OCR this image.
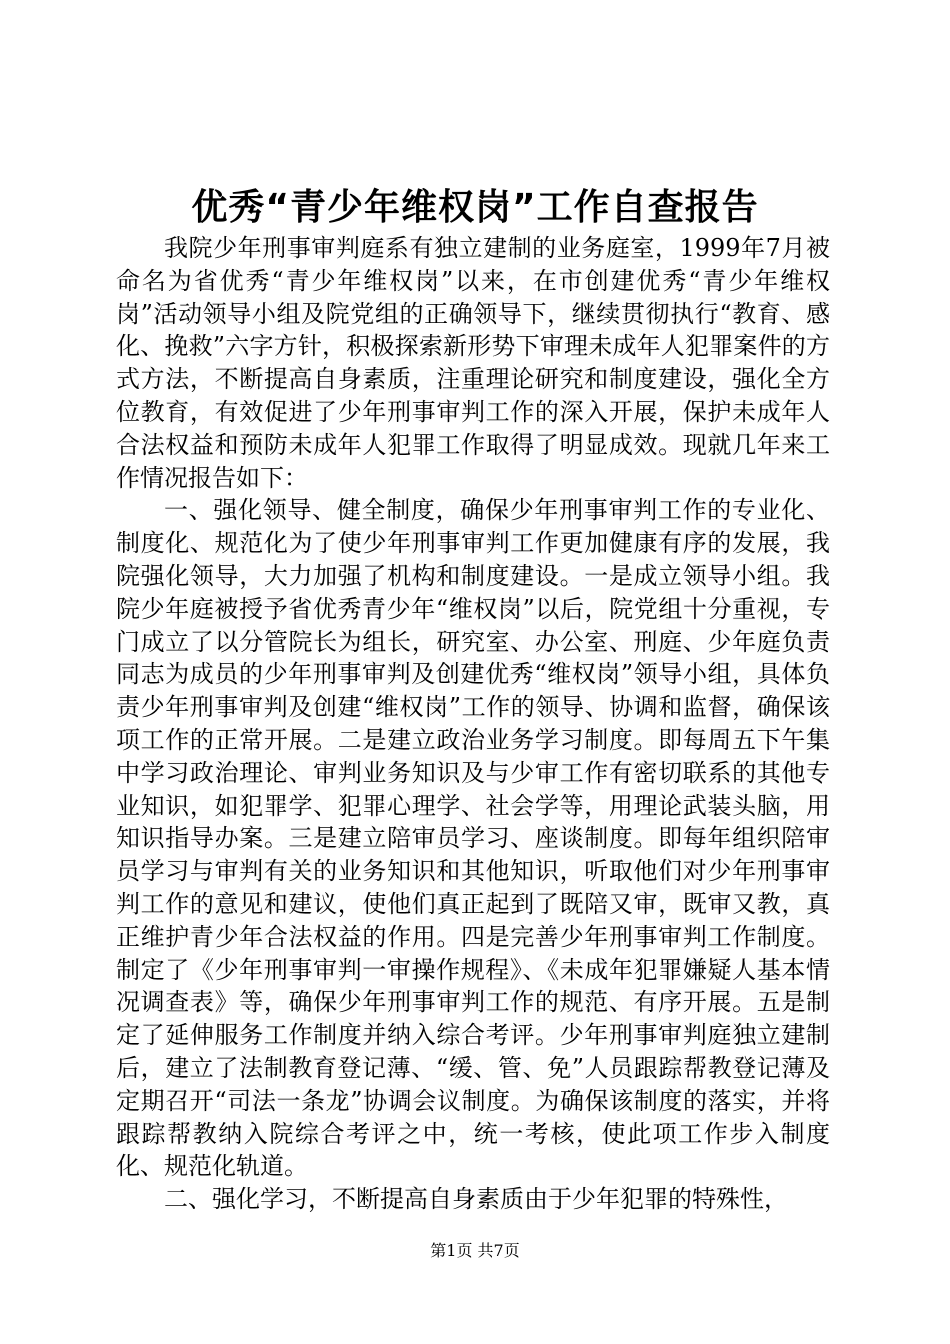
优秀“青少年维权岗”工作自查报告

我院少年刑事审判庭系有独立建制的业务庭室，1999年7月被命名为省优秀“青少年维权岗”以来，在市创建优秀“青少年维权岗”活动领导小组及院党组的正确领导下，继续贯彻执行“教育、感化、挽救”六字方针，积极探索新形势下审理未成年人犯罪案件的方式方法，不断提高自身素质，注重理论研究和制度建设，强化全方位教育，有效促进了少年刑事审判工作的深入开展，保护未成年人合法权益和预防未成年人犯罪工作取得了明显成效。现就几年来工作情况报告如下：

一、强化领导、健全制度，确保少年刑事审判工作的专业化、制度化、规范化为了使少年刑事审判工作更加健康有序的发展，我院强化领导，大力加强了机构和制度建设。一是成立领导小组。我院少年庭被授予省优秀青少年“维权岗”以后，院党组十分重视，专门成立了以分管院长为组长，研究室、办公室、刑庭、少年庭负责同志为成员的少年刑事审判及创建优秀“维权岗”领导小组，具体负责少年刑事审判及创建“维权岗”工作的领导、协调和监督，确保该项工作的正常开展。二是建立政治业务学习制度。即每周五下午集中学习政治理论、审判业务知识及与少审工作有密切联系的其他专业知识，如犯罪学、犯罪心理学、社会学等，用理论武装头脑，用知识指导办案。三是建立陪审员学习、座谈制度。即每年组织陪审员学习与审判有关的业务知识和其他知识，听取他们对少年刑事审判工作的意见和建议，使他们真正起到了既陪又审，既审又教，真正维护青少年合法权益的作用。四是完善少年刑事审判工作制度。制定了《少年刑事审判一审操作规程》、《未成年犯罪嫌疑人基本情况调查表》等，确保少年刑事审判工作的规范、有序开展。五是制定了延伸服务工作制度并纳入综合考评。少年刑事审判庭独立建制后，建立了法制教育登记薄、“缓、管、免”人员跟踪帮教登记薄及定期召开“司法一条龙”协调会议制度。为确保该制度的落实，并将跟踪帮教纳入院综合考评之中，统一考核，使此项工作步入制度化、规范化轨道。

二、强化学习，不断提高自身素质由于少年犯罪的特殊性，

第1页 共7页
